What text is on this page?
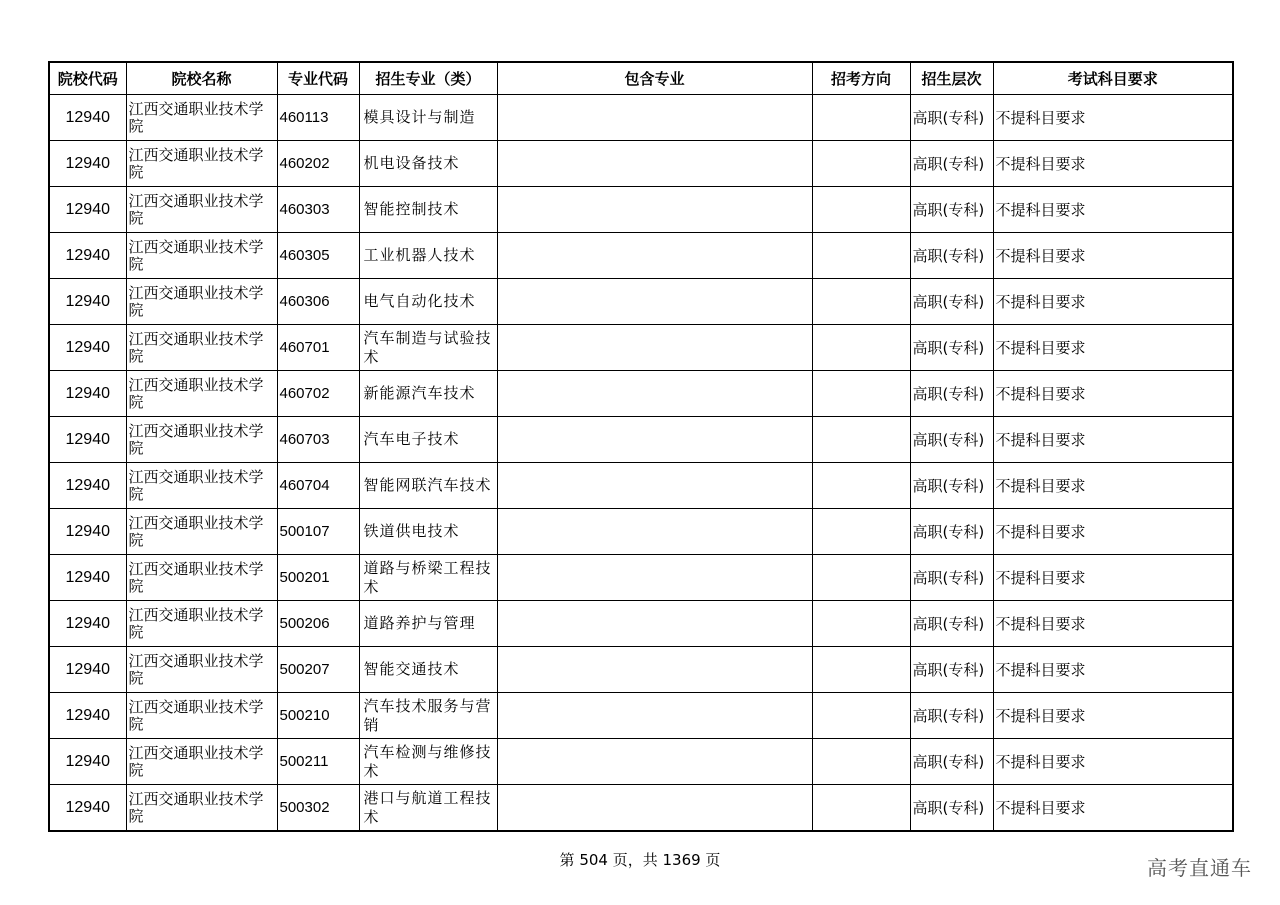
院校代码	院校名称	专业代码	招生专业（类）	包含专业	招考方向	招生层次	考试科目要求
12940	江西交通职业技术学院	460113	模具设计与制造			高职(专科)	不提科目要求
12940	江西交通职业技术学院	460202	机电设备技术			高职(专科)	不提科目要求
12940	江西交通职业技术学院	460303	智能控制技术			高职(专科)	不提科目要求
12940	江西交通职业技术学院	460305	工业机器人技术			高职(专科)	不提科目要求
12940	江西交通职业技术学院	460306	电气自动化技术			高职(专科)	不提科目要求
12940	江西交通职业技术学院	460701	汽车制造与试验技术			高职(专科)	不提科目要求
12940	江西交通职业技术学院	460702	新能源汽车技术			高职(专科)	不提科目要求
12940	江西交通职业技术学院	460703	汽车电子技术			高职(专科)	不提科目要求
12940	江西交通职业技术学院	460704	智能网联汽车技术			高职(专科)	不提科目要求
12940	江西交通职业技术学院	500107	铁道供电技术			高职(专科)	不提科目要求
12940	江西交通职业技术学院	500201	道路与桥梁工程技术			高职(专科)	不提科目要求
12940	江西交通职业技术学院	500206	道路养护与管理			高职(专科)	不提科目要求
12940	江西交通职业技术学院	500207	智能交通技术			高职(专科)	不提科目要求
12940	江西交通职业技术学院	500210	汽车技术服务与营销			高职(专科)	不提科目要求
12940	江西交通职业技术学院	500211	汽车检测与维修技术			高职(专科)	不提科目要求
12940	江西交通职业技术学院	500302	港口与航道工程技术			高职(专科)	不提科目要求
第 504 页，共 1369 页	高考直通车
